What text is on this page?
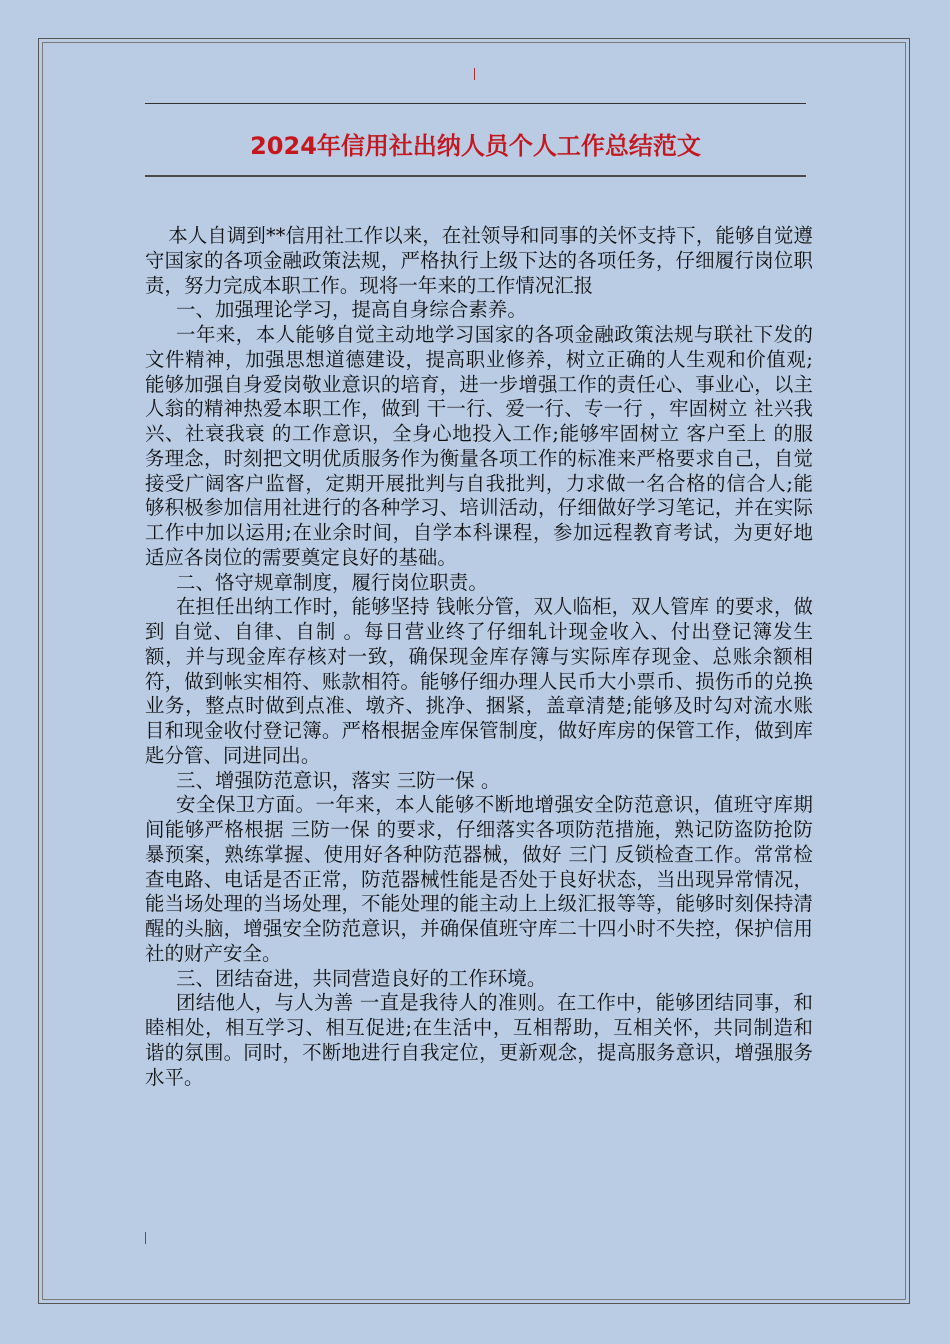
2024年信用社出纳人员个人工作总结范文

本人自调到**信用社工作以来，在社领导和同事的关怀支持下，能够自觉遵守国家的各项金融政策法规，严格执行上级下达的各项任务，仔细履行岗位职责，努力完成本职工作。现将一年来的工作情况汇报

一、加强理论学习，提高自身综合素养。

一年来，本人能够自觉主动地学习国家的各项金融政策法规与联社下发的文件精神，加强思想道德建设，提高职业修养，树立正确的人生观和价值观;能够加强自身爱岗敬业意识的培育，进一步增强工作的责任心、事业心，以主人翁的精神热爱本职工作，做到 干一行、爱一行、专一行 ，牢固树立 社兴我兴、社衰我衰 的工作意识，全身心地投入工作;能够牢固树立 客户至上 的服务理念，时刻把文明优质服务作为衡量各项工作的标准来严格要求自己，自觉接受广阔客户监督，定期开展批判与自我批判，力求做一名合格的信合人;能够积极参加信用社进行的各种学习、培训活动，仔细做好学习笔记，并在实际工作中加以运用;在业余时间，自学本科课程，参加远程教育考试，为更好地适应各岗位的需要奠定良好的基础。

二、恪守规章制度，履行岗位职责。

在担任出纳工作时，能够坚持 钱帐分管，双人临柜，双人管库 的要求，做到 自觉、自律、自制 。每日营业终了仔细轧计现金收入、付出登记簿发生额，并与现金库存核对一致，确保现金库存簿与实际库存现金、总账余额相符，做到帐实相符、账款相符。能够仔细办理人民币大小票币、损伤币的兑换业务，整点时做到点准、墩齐、挑净、捆紧，盖章清楚;能够及时勾对流水账目和现金收付登记簿。严格根据金库保管制度，做好库房的保管工作，做到库匙分管、同进同出。

三、增强防范意识，落实 三防一保 。

安全保卫方面。一年来，本人能够不断地增强安全防范意识，值班守库期间能够严格根据 三防一保 的要求，仔细落实各项防范措施，熟记防盗防抢防暴预案，熟练掌握、使用好各种防范器械，做好 三门 反锁检查工作。常常检查电路、电话是否正常，防范器械性能是否处于良好状态，当出现异常情况，能当场处理的当场处理，不能处理的能主动上上级汇报等等，能够时刻保持清醒的头脑，增强安全防范意识，并确保值班守库二十四小时不失控，保护信用社的财产安全。

三、团结奋进，共同营造良好的工作环境。

团结他人，与人为善 一直是我待人的准则。在工作中，能够团结同事，和睦相处，相互学习、相互促进;在生活中，互相帮助，互相关怀，共同制造和谐的氛围。同时，不断地进行自我定位，更新观念，提高服务意识，增强服务水平。
